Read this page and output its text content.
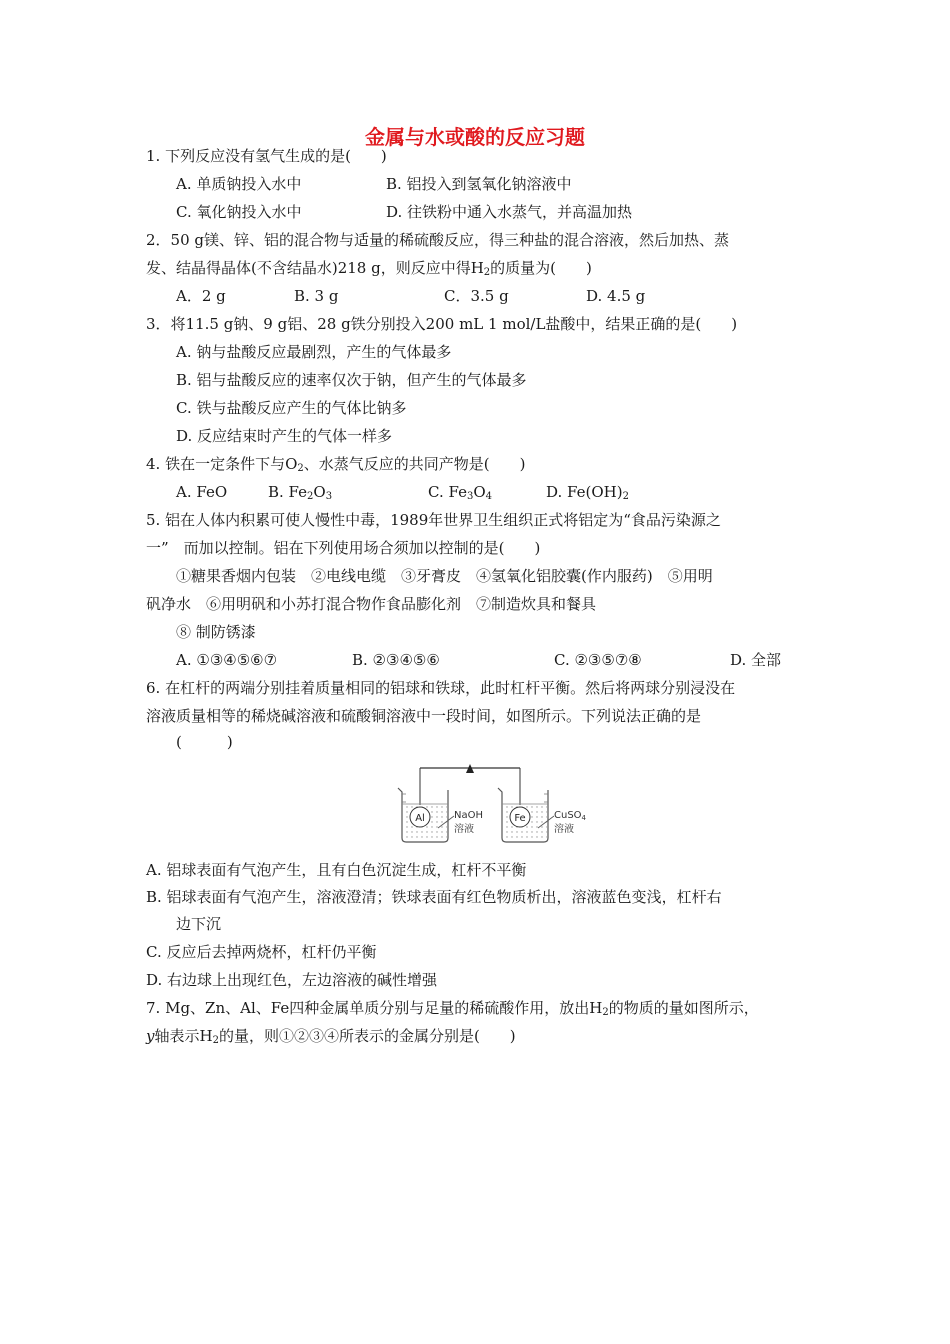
金属与水或酸的反应习题
1. 下列反应没有氢气生成的是(　　)
A. 单质钠投入水中	B. 铝投入到氢氧化钠溶液中
C. 氧化钠投入水中	D. 往铁粉中通入水蒸气，并高温加热
2．50 g镁、锌、铝的混合物与适量的稀硫酸反应，得三种盐的混合溶液，然后加热、蒸
发、结晶得晶体(不含结晶水)218 g，则反应中得$H_2$的质量为(　　)
A．2 g	B. 3 g	C．3.5 g	D. 4.5 g
3．将11.5 g钠、9 g铝、28 g铁分别投入200 mL 1 mol/L盐酸中，结果正确的是(　　)
A. 钠与盐酸反应最剧烈，产生的气体最多
B. 铝与盐酸反应的速率仅次于钠，但产生的气体最多
C. 铁与盐酸反应产生的气体比钠多
D. 反应结束时产生的气体一样多
4. 铁在一定条件下与$O_2$、水蒸气反应的共同产物是(　　)
A. FeO	B. $Fe_2O_3$	C. $Fe_3O_4$	D. $Fe(OH)_2$
5. 铝在人体内积累可使人慢性中毒，1989年世界卫生组织正式将铝定为“食品污染源之
一”　而加以控制。铝在下列使用场合须加以控制的是(　　)
①糖果香烟内包装　②电线电缆　③牙膏皮　④氢氧化铝胶囊(作内服药)　⑤用明
矾净水　⑥用明矾和小苏打混合物作食品膨化剂　⑦制造炊具和餐具
⑧ 制防锈漆
A. ①③④⑤⑥⑦	B. ②③④⑤⑥	C. ②③⑤⑦⑧	D. 全部
6. 在杠杆的两端分别挂着质量相同的铝球和铁球，此时杠杆平衡。然后将两球分别浸没在
溶液质量相等的稀烧碱溶液和硫酸铜溶液中一段时间，如图所示。下列说法正确的是
(　　　)
Al	Fe
NaOH
溶液
CuSO$_4$
溶液
A. 铝球表面有气泡产生，且有白色沉淀生成，杠杆不平衡
B. 铝球表面有气泡产生，溶液澄清；铁球表面有红色物质析出，溶液蓝色变浅，杠杆右
边下沉
C. 反应后去掉两烧杯，杠杆仍平衡
D. 右边球上出现红色，左边溶液的碱性增强
7. Mg、Zn、Al、Fe四种金属单质分别与足量的稀硫酸作用，放出$H_2$的物质的量如图所示，
y轴表示$H_2$的量，则①②③④所表示的金属分别是(　　)
